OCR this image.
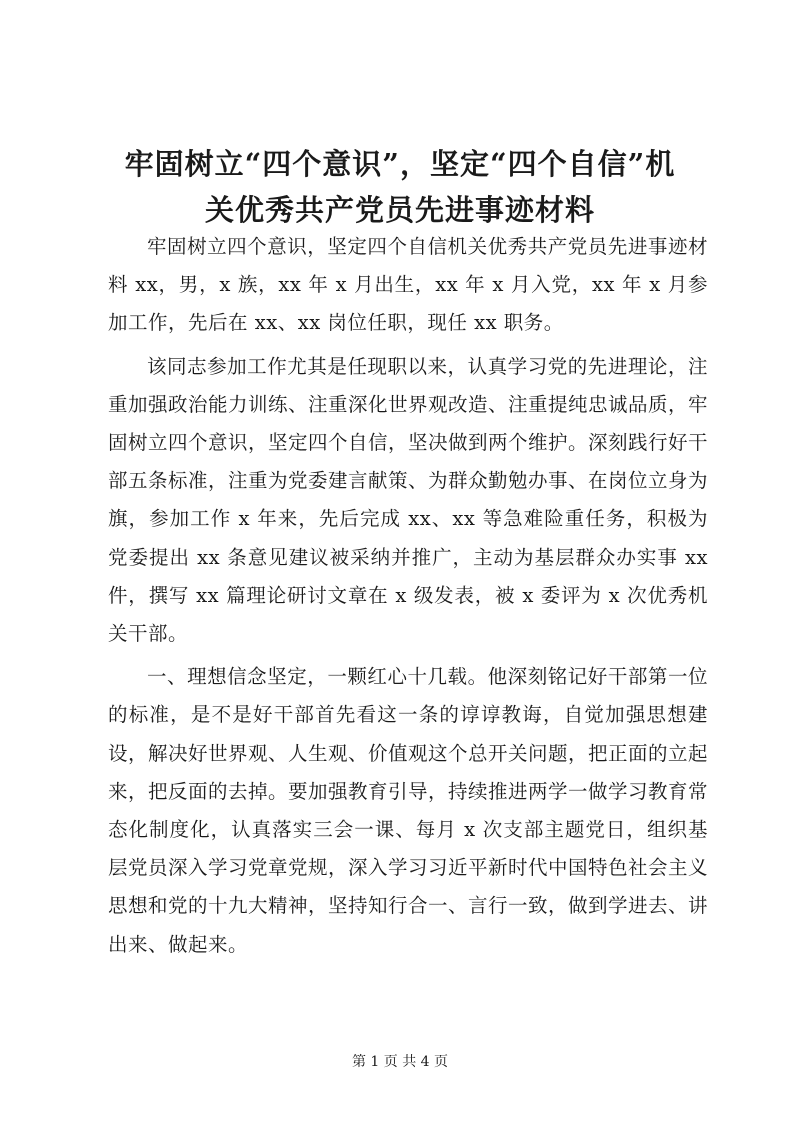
牢固树立“四个意识”，坚定“四个自信”机
关优秀共产党员先进事迹材料

牢固树立四个意识，坚定四个自信机关优秀共产党员先进事迹材料 xx，男，x 族，xx 年 x 月出生，xx 年 x 月入党，xx 年 x 月参加工作，先后在 xx、xx 岗位任职，现任 xx 职务。

该同志参加工作尤其是任现职以来，认真学习党的先进理论，注重加强政治能力训练、注重深化世界观改造、注重提纯忠诚品质，牢固树立四个意识，坚定四个自信，坚决做到两个维护。深刻践行好干部五条标准，注重为党委建言献策、为群众勤勉办事、在岗位立身为旗，参加工作 x 年来，先后完成 xx、xx 等急难险重任务，积极为党委提出 xx 条意见建议被采纳并推广，主动为基层群众办实事 xx 件，撰写 xx 篇理论研讨文章在 x 级发表，被 x 委评为 x 次优秀机关干部。

一、理想信念坚定，一颗红心十几载。他深刻铭记好干部第一位的标准，是不是好干部首先看这一条的谆谆教诲，自觉加强思想建设，解决好世界观、人生观、价值观这个总开关问题，把正面的立起来，把反面的去掉。要加强教育引导，持续推进两学一做学习教育常态化制度化，认真落实三会一课、每月 x 次支部主题党日，组织基层党员深入学习党章党规，深入学习习近平新时代中国特色社会主义思想和党的十九大精神，坚持知行合一、言行一致，做到学进去、讲出来、做起来。

第 1 页 共 4 页
